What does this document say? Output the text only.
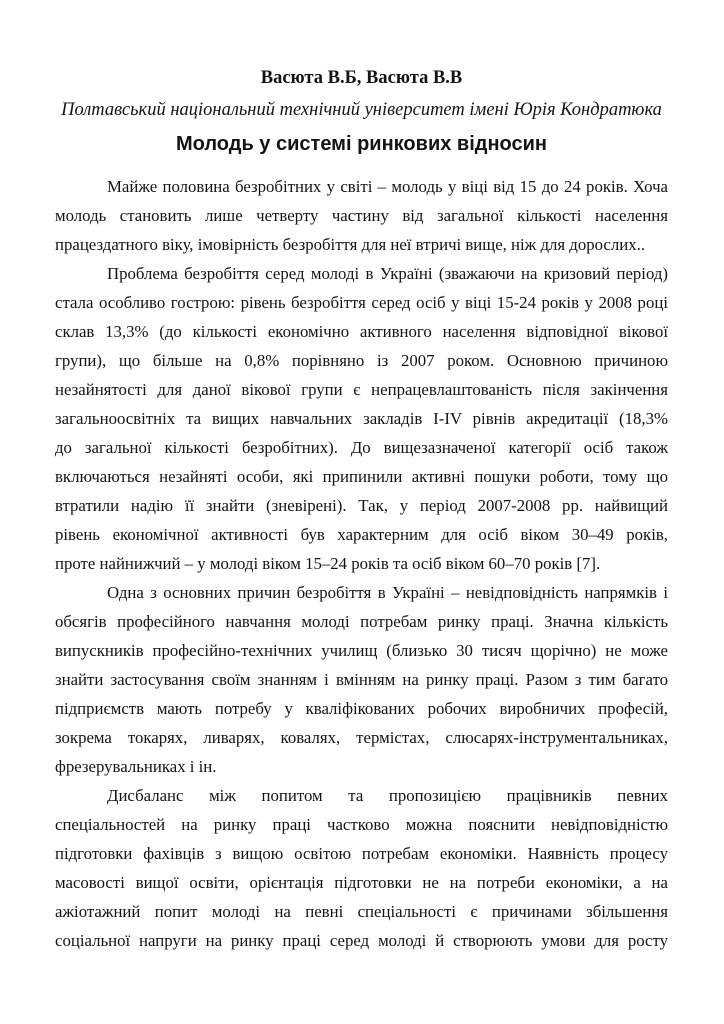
Васюта В.Б, Васюта В.В
Полтавський національний технічний університет імені Юрія Кондратюка
Молодь у системі ринкових відносин
Майже половина безробітних у світі – молодь у віці від 15 до 24 років. Хоча
молодь становить лише четверту частину від загальної кількості населення
працездатного віку, імовірність безробіття для неї втричі вище, ніж для дорослих..
Проблема безробіття серед молоді в Україні (зважаючи на кризовий період)
стала особливо гострою: рівень безробіття серед осіб у віці 15-24 років у 2008 році
склав 13,3% (до кількості економічно активного населення відповідної вікової
групи), що більше на 0,8% порівняно із 2007 роком. Основною причиною
незайнятості для даної вікової групи є непрацевлаштованість після закінчення
загальноосвітніх та вищих навчальних закладів I-IV рівнів акредитації (18,3%
до загальної кількості безробітних). До вищезазначеної категорії осіб також
включаються незайняті особи, які припинили активні пошуки роботи, тому що
втратили надію її знайти (зневірені). Так, у період 2007-2008 рр. найвищий
рівень економічної активності був характерним для осіб віком 30–49 років,
проте найнижчий – у молоді віком 15–24 років та осіб віком 60–70 років [7].
Одна з основних причин безробіття в Україні – невідповідність напрямків і
обсягів професійного навчання молоді потребам ринку праці. Значна кількість
випускників професійно-технічних училищ (близько 30 тисяч щорічно) не може
знайти застосування своїм знанням і вмінням на ринку праці. Разом з тим багато
підприємств мають потребу у кваліфікованих робочих виробничих професій,
зокрема токарях, ливарях, ковалях, термістах, слюсарях-інструментальниках,
фрезерувальниках і ін.
Дисбаланс між попитом та пропозицією працівників певних
спеціальностей на ринку праці частково можна пояснити невідповідністю
підготовки фахівців з вищою освітою потребам економіки. Наявність процесу
масовості вищої освіти, орієнтація підготовки не на потреби економіки, а на
ажіотажний попит молоді на певні спеціальності є причинами збільшення
соціальної напруги на ринку праці серед молоді й створюють умови для росту
